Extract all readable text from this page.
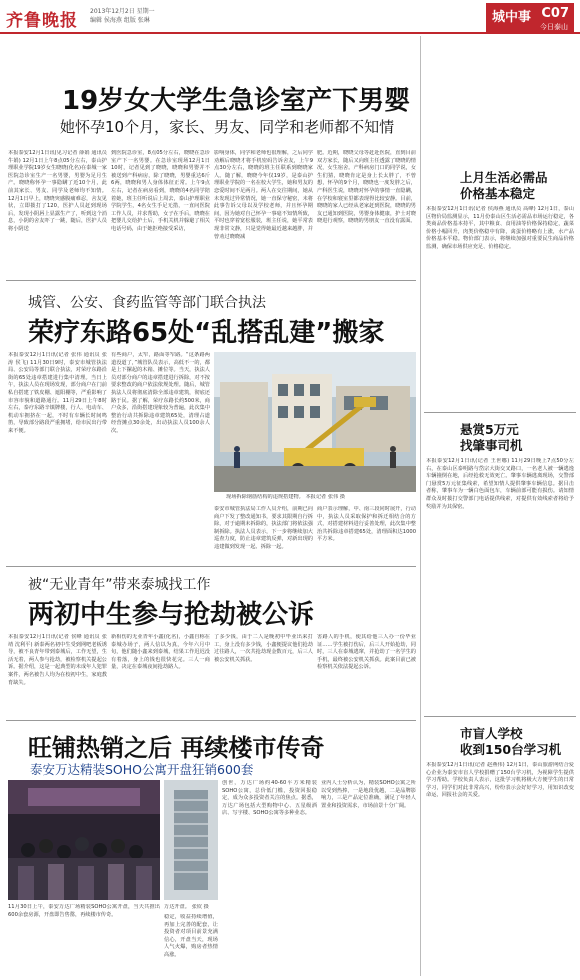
齐鲁晚报 2013年12月2日 星期一
编辑 侯海燕 组版 张琳	城中事 C07
今日泰山
19岁女大学生急诊室产下男婴
她怀孕10个月，家长、男友、同学和老师都不知情
本报泰安12月1日讯(见习记者 薛娟 通讯员 牛娟) 12月1日上午8点05分左右，泰山护理职业学院19岁女生晓晓(化名)在泰城一家医院急诊室生产一名男婴，男婴为足月生产。晓晓称怀孕一事隐瞒了近10个月，此前其家长、男友、同学及老师均不知情。12月1日早上，晓晓突感腹痛难忍，舍友见状，立即拨打了120，医护人员赶到现场后，发现小阴唇上显露生产了，听到这个消息，小阴的舍友吓了一跳，随后，医护人员将小阴送
到医院急诊室，8点05分左右，晓晓在急诊室产下一名男婴。在急诊室现场12月1日10时，记者见到了晓晓，晓晓和男婴并不被送到产科病房，除了晓晓，男婴重达6斤6两，晓晓和男人身体体征正常。上午9点左右，记者在病房看到，晓晓的4名同学陪着她，班主任听说后上周去，泰山护理职业学院学生，4名女生手足无措，一直问医院工作人员，并求帮助，女子在手后，晓晓在把婴儿交给护士后，手机关机并躲避了相关电话号码，由于她拒绝接受采访，
影响身体，同学和老师也很理解，之后同学劝解后晓晓才将手机密码告诉舍友，上午9点30分左右，晓晓的班主任联系到晓晓家人。随了解，晓晓今年仅19岁，是泰山护理职业学院的一名在校大学生，她和男友的恋爱时间不足两月。两人在交往期间，她从未发现过异常情况，她一直保守秘密，未将此事告诉父母以及学校老师，并且怀孕期间，因为她对自己怀孕一事毫不知情所致，平时也穿着宽松服装，班主任说，她平常表现非常文静，只是觉得她最近越来越胖，并曾劝过晓晓减
肥。近期，晓晓父母等赶赴医院，直到目前双方家长，随后又向班主任透露了晓晓的情况，女生宿舍。产科病房门口的同学说，女生们猜，晓晓肯定是身上长太胖了，不曾想，怀孕的9个月，晓晓也一度发胖之后，产科医生说，晓晓对怀孕的事情一直隐瞒，在学校和寝室里都表现得比较安静。目前，晓晓的家人已经从老家赶到医院，晓晓的男友已通知到医院，男婴身体健康，护士对晓晓进行观察，晓晓的男朋友一直没有露面。
城管、公安、食药监管等部门联合执法
荣疗东路65处“乱搭乱建”搬家
本报泰安12月1日讯(记者 张伟 通讯员 张涛 侯飞) 11月30日9时，泰安市城管执法局、公安局等部门联合执法，对荣疗东路沿街的65处违章搭建进行集中清理。当日上午，执法人员在现场发现，部分商户在门前私自搭建了铁皮棚、遮阳棚等，严重影响了市容市貌和道路通行。11月29日上午8时左右，泰疗东路辛镇牌楼，行人、电动车、机动车拥挤在一起，不时有车辆长时间鸣笛，导致部分路段严重拥堵，给市民出行带来不便。
有些商户，太窄，路面等窄路。“这条路两道没道了，”城管队员表示，高低不一的，都是上下摞起的木箱、摊位等。当天，执法人员对部分商户的违章搭建进行拆除，对不按要求整改的商户依法依规处理。随后，城管执法人员将彻底清除全部违章建筑，彻底还路于民。据了解，荣疗东路长约500米，商户众多，沿街搭建现象较为普遍，此次集中整治行动共拆除违章建筑65处，清理占道经营摊点30余处，出动执法人员100余人次。
现场拆除钢筋结构的违规搭建物。 本报记者 张伟 摄
泰安市城管执法局工作人员介绍，前期已向商户下发了整改通知书，要求其限期自行拆除，对于逾期未拆除的，执法部门将依法强制拆除。执法人员表示，下一步将继续加大巡查力度，防止违章建筑反弹，对新出现的违建做到发现一起、拆除一起。
商户表示理解，中、南三段同时展开，行动中，执法人员采取保护和拆迁相结合的方式，对搭建材料进行妥善处理，此次集中整治共拆除违章搭建65处，清理面积达1000平方米。
被“无业青年”带来泰城找工作
两初中生参与抢劫被公诉
本报泰安12月1日讯(记者 侯峰 通讯员 张靖 沈利平) 新泰两名初中生受到网吧老板诱导，被不良青年带到泰城后，工作无望，生活无着，两人参与抢劫，被检察机关提起公诉。据介绍，这是一起典型的未成年人犯罪案件，两名被告人均为在校初中生，家庭教育缺失。
新相伤的无业青年小鑫(化名)，小鑫自称在泰城办场子，两人信以为真，今年六月中旬，他们随小鑫来到泰城，结果工作迟迟没有着落，身上的钱也很快花完。三人一商量，决定在泰城夜间抢劫路人。
了多少钱，由于二人是晚初中毕业出来打工，身上没有多少钱，小鑫便提议他们抢劫过往路人，一次共抢劫现金数百元，后三人被公安机关抓获。
害路人的手机，使其给他三人办一份毕业证……学生被打伤后，后三人开始抢劫，同时，三人在泰城逃窜，并抢劫了一名学生的手机，最终被公安机关抓获。此案目前已被检察机关依法提起公诉。
旺铺热销之后 再续楼市传奇
泰安万达精装SOHO公寓开盘狂销600套
11月30日上午，泰安万达广场精装SOHO公寓开盘，当天共推出600余套房源，开盘即告售罄，再续楼市传奇。
万达开盘。 张钦 摄
稳定，收益持续增值，再加上完善的配套，让投资者对项目前景充满信心，开盘当天，现场人气火爆，购房者热情高涨。
创世，万达广场约40-60平方米精装SOHO公寓，总价低门槛，投资回报稳定，成为众多投资者关注的焦点。据悉，万达广场包括大型购物中心、五星级酒店、写字楼、SOHO公寓等多种业态。
业内人士分析认为，精装SOHO公寓之所以受到热捧，一是地段优越，二是品牌影响力，三是产品定位准确，满足了年轻人置业和投资需求，市场前景十分广阔。
上月生活必需品
价格基本稳定
本报泰安12月1日讯(记者 侯海燕 通讯员 高峰) 12月1日，泰山区物价局监测显示，11月份泰山区生活必需品市场运行稳定，各类商品价格基本持平，其中粮食、食用油等价格保持稳定，蔬菜价格小幅回升，肉类价格稳中有降，禽蛋价格略有上涨，水产品价格基本平稳。物价部门表示，将继续加强对重要民生商品价格监测，确保市场供应充足、价格稳定。
悬赏5万元
找肇事司机
本报泰安12月1日讯(记者 王世娜) 11月29日晚上7点50分左右，在泰山区泰明路与岱宗大街交叉路口，一名老人被一辆逃逸车辆撞倒在地，后经抢救无效死亡。肇事车辆逃离现场，交警部门悬赏5万元征集线索，希望知情人提供肇事车辆信息。据目击者称，肇事车为一辆白色面包车，车辆前部可能有损伤。请知情群众及时拨打交警部门电话提供线索，对提供有效线索者将给予奖励并为其保密。
市盲人学校
收到150台学习机
本报泰安12月1日讯(记者 赵燕伟) 12月1日，泰山旅游网结合爱心企业为泰安市盲人学校捐赠了150台学习机，为视障学生提供学习帮助。学校负责人表示，这批学习机将极大方便学生的日常学习，同学们对此非常高兴，纷纷表示会好好学习，用知识改变命运，回报社会的关爱。
